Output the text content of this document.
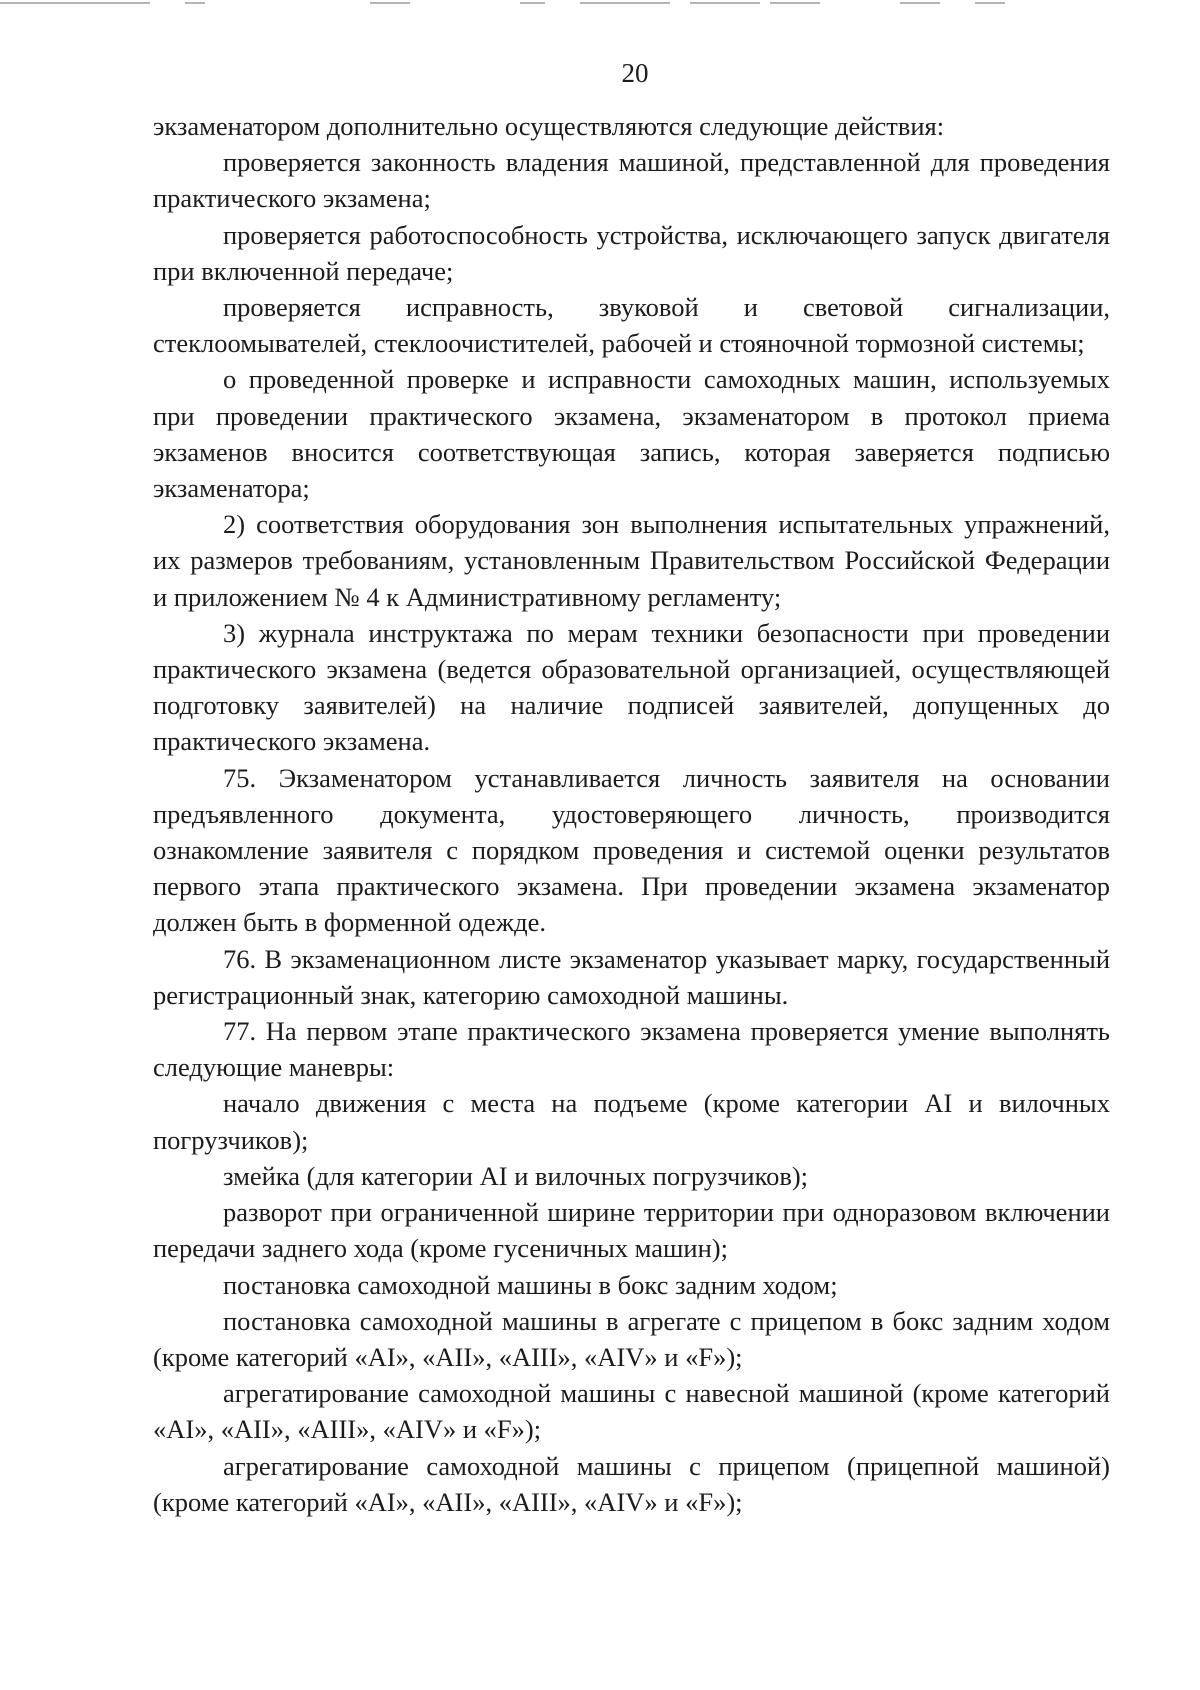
20

экзаменатором дополнительно осуществляются следующие действия:

проверяется законность владения машиной, представленной для проведения практического экзамена;

проверяется работоспособность устройства, исключающего запуск двигателя при включенной передаче;

проверяется исправность, звуковой и световой сигнализации, стеклоомывателей, стеклоочистителей, рабочей и стояночной тормозной системы;

о проведенной проверке и исправности самоходных машин, используемых при проведении практического экзамена, экзаменатором в протокол приема экзаменов вносится соответствующая запись, которая заверяется подписью экзаменатора;

2) соответствия оборудования зон выполнения испытательных упражнений, их размеров требованиям, установленным Правительством Российской Федерации и приложением № 4 к Административному регламенту;

3) журнала инструктажа по мерам техники безопасности при проведении практического экзамена (ведется образовательной организацией, осуществляющей подготовку заявителей) на наличие подписей заявителей, допущенных до практического экзамена.

75. Экзаменатором устанавливается личность заявителя на основании предъявленного документа, удостоверяющего личность, производится ознакомление заявителя с порядком проведения и системой оценки результатов первого этапа практического экзамена. При проведении экзамена экзаменатор должен быть в форменной одежде.

76. В экзаменационном листе экзаменатор указывает марку, государственный регистрационный знак, категорию самоходной машины.

77. На первом этапе практического экзамена проверяется умение выполнять следующие маневры:

начало движения с места на подъеме (кроме категории AI и вилочных погрузчиков);

змейка (для категории AI и вилочных погрузчиков);

разворот при ограниченной ширине территории при одноразовом включении передачи заднего хода (кроме гусеничных машин);

постановка самоходной машины в бокс задним ходом;

постановка самоходной машины в агрегате с прицепом в бокс задним ходом (кроме категорий «AI», «AII», «AIII», «AIV» и «F»);

агрегатирование самоходной машины с навесной машиной (кроме категорий «AI», «AII», «AIII», «AIV» и «F»);

агрегатирование самоходной машины с прицепом (прицепной машиной) (кроме категорий «AI», «AII», «AIII», «AIV» и «F»);
